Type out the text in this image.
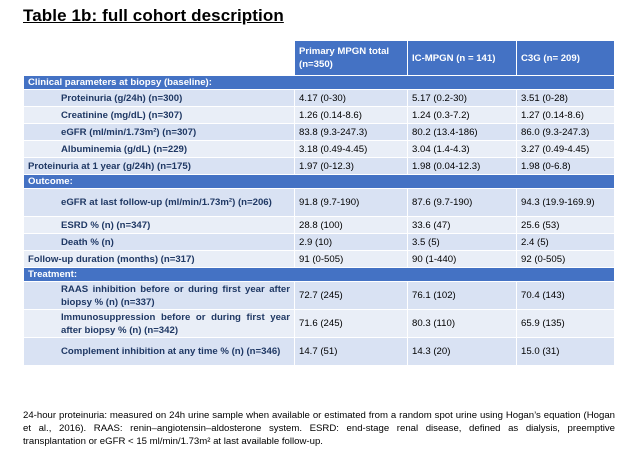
Table 1b: full cohort description
	Primary MPGN total (n=350)	IC-MPGN (n = 141)	C3G (n= 209)
Clinical parameters at biopsy (baseline):			
Proteinuria (g/24h) (n=300)	4.17 (0-30)	5.17 (0.2-30)	3.51 (0-28)
Creatinine (mg/dL) (n=307)	1.26 (0.14-8.6)	1.24 (0.3-7.2)	1.27 (0.14-8.6)
eGFR (ml/min/1.73m²) (n=307)	83.8 (9.3-247.3)	80.2 (13.4-186)	86.0 (9.3-247.3)
Albuminemia (g/dL) (n=229)	3.18 (0.49-4.45)	3.04 (1.4-4.3)	3.27 (0.49-4.45)
Proteinuria at 1 year (g/24h) (n=175)	1.97 (0-12.3)	1.98 (0.04-12.3)	1.98 (0-6.8)
Outcome:			
eGFR at last follow-up (ml/min/1.73m²) (n=206)	91.8 (9.7-190)	87.6 (9.7-190)	94.3 (19.9-169.9)
ESRD % (n) (n=347)	28.8 (100)	33.6 (47)	25.6 (53)
Death % (n)	2.9 (10)	3.5 (5)	2.4 (5)
Follow-up duration (months) (n=317)	91 (0-505)	90 (1-440)	92 (0-505)
Treatment:			
RAAS inhibition before or during first year after biopsy % (n) (n=337)	72.7 (245)	76.1 (102)	70.4 (143)
Immunosuppression before or during first year after biopsy % (n) (n=342)	71.6 (245)	80.3 (110)	65.9 (135)
Complement inhibition at any time % (n) (n=346)	14.7 (51)	14.3 (20)	15.0 (31)

24-hour proteinuria: measured on 24h urine sample when available or estimated from a random spot urine using Hogan’s equation (Hogan et al., 2016). RAAS: renin–angiotensin–aldosterone system. ESRD: end-stage renal disease, defined as dialysis, preemptive transplantation or eGFR < 15 ml/min/1.73m² at last available follow-up.
